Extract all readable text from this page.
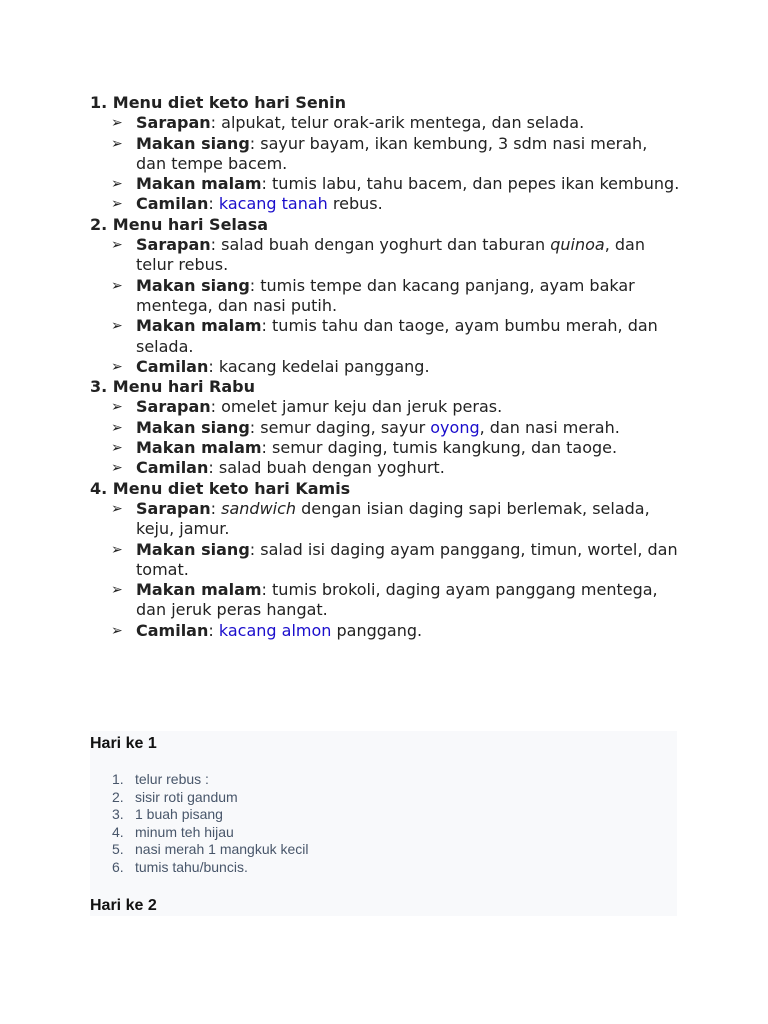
1. Menu diet keto hari Senin
➢ Sarapan: alpukat, telur orak-arik mentega, dan selada.
➢ Makan siang: sayur bayam, ikan kembung, 3 sdm nasi merah, dan tempe bacem.
➢ Makan malam: tumis labu, tahu bacem, dan pepes ikan kembung.
➢ Camilan: kacang tanah rebus.
2. Menu hari Selasa
➢ Sarapan: salad buah dengan yoghurt dan taburan quinoa, dan telur rebus.
➢ Makan siang: tumis tempe dan kacang panjang, ayam bakar mentega, dan nasi putih.
➢ Makan malam: tumis tahu dan taoge, ayam bumbu merah, dan selada.
➢ Camilan: kacang kedelai panggang.
3. Menu hari Rabu
➢ Sarapan: omelet jamur keju dan jeruk peras.
➢ Makan siang: semur daging, sayur oyong, dan nasi merah.
➢ Makan malam: semur daging, tumis kangkung, dan taoge.
➢ Camilan: salad buah dengan yoghurt.
4. Menu diet keto hari Kamis
➢ Sarapan: sandwich dengan isian daging sapi berlemak, selada, keju, jamur.
➢ Makan siang: salad isi daging ayam panggang, timun, wortel, dan tomat.
➢ Makan malam: tumis brokoli, daging ayam panggang mentega, dan jeruk peras hangat.
➢ Camilan: kacang almon panggang.
Hari ke 1
1. telur rebus :
2. sisir roti gandum
3. 1 buah pisang
4. minum teh hijau
5. nasi merah 1 mangkuk kecil
6. tumis tahu/buncis.
Hari ke 2
